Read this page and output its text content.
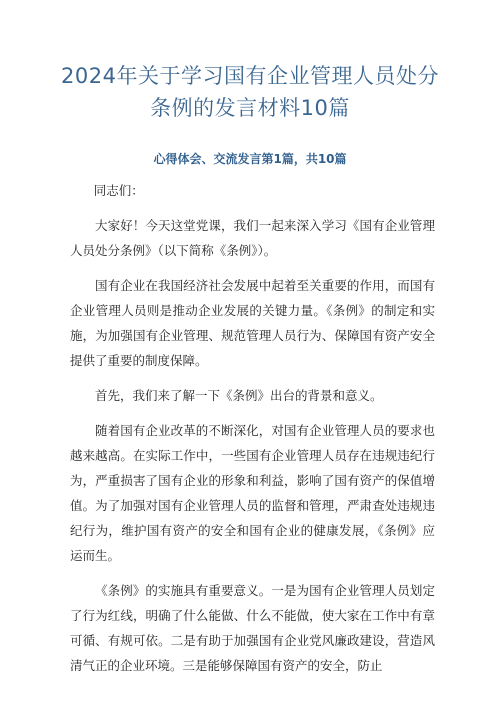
2024年关于学习国有企业管理人员处分条例的发言材料10篇
心得体会、交流发言第1篇，共10篇

同志们：

大家好！今天这堂党课，我们一起来深入学习《国有企业管理人员处分条例》（以下简称《条例》）。

国有企业在我国经济社会发展中起着至关重要的作用，而国有企业管理人员则是推动企业发展的关键力量。《条例》的制定和实施，为加强国有企业管理、规范管理人员行为、保障国有资产安全提供了重要的制度保障。

首先，我们来了解一下《条例》出台的背景和意义。

随着国有企业改革的不断深化，对国有企业管理人员的要求也越来越高。在实际工作中，一些国有企业管理人员存在违规违纪行为，严重损害了国有企业的形象和利益，影响了国有资产的保值增值。为了加强对国有企业管理人员的监督和管理，严肃查处违规违纪行为，维护国有资产的安全和国有企业的健康发展，《条例》应运而生。

《条例》的实施具有重要意义。一是为国有企业管理人员划定了行为红线，明确了什么能做、什么不能做，使大家在工作中有章可循、有规可依。二是有助于加强国有企业党风廉政建设，营造风清气正的企业环境。三是能够保障国有资产的安全，防止
